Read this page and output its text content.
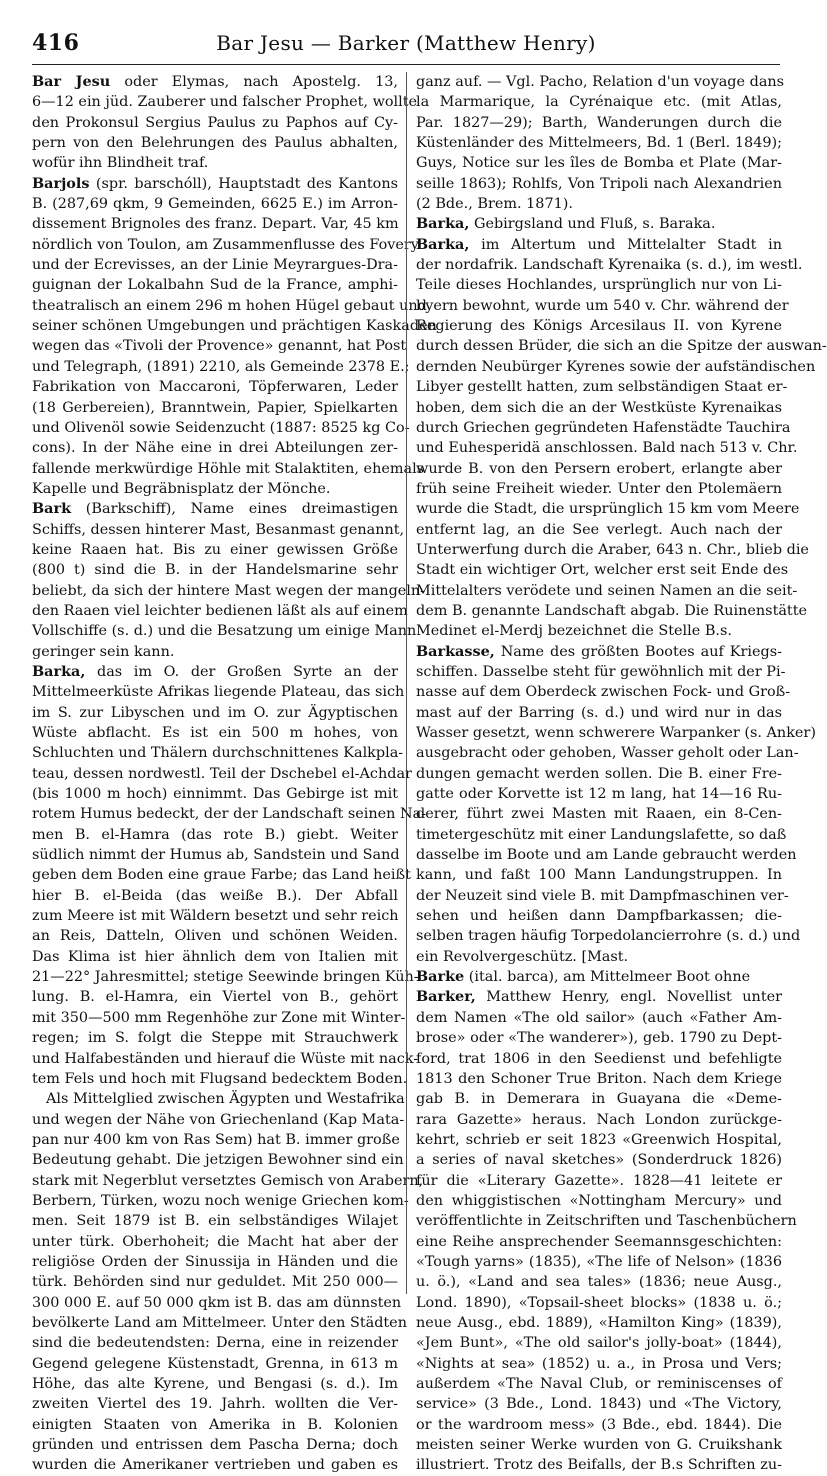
416	Bar Jesu — Barker (Matthew Henry)
Bar Jesu oder Elymas, nach Apostelg. 13,
6—12 ein jüd. Zauberer und falscher Prophet, wollte
den Prokonsul Sergius Paulus zu Paphos auf Cy-
pern von den Belehrungen des Paulus abhalten,
wofür ihn Blindheit traf.
Barjols (spr. barschóll), Hauptstadt des Kantons
B. (287,69 qkm, 9 Gemeinden, 6625 E.) im Arron-
dissement Brignoles des franz. Depart. Var, 45 km
nördlich von Toulon, am Zusammenflusse des Fovery
und der Ecrevisses, an der Linie Meyrargues-Dra-
guignan der Lokalbahn Sud de la France, amphi-
theatralisch an einem 296 m hohen Hügel gebaut und
seiner schönen Umgebungen und prächtigen Kaskaden
wegen das «Tivoli der Provence» genannt, hat Post
und Telegraph, (1891) 2210, als Gemeinde 2378 E.;
Fabrikation von Maccaroni, Töpferwaren, Leder
(18 Gerbereien), Branntwein, Papier, Spielkarten
und Olivenöl sowie Seidenzucht (1887: 8525 kg Co-
cons). In der Nähe eine in drei Abteilungen zer-
fallende merkwürdige Höhle mit Stalaktiten, ehemals
Kapelle und Begräbnisplatz der Mönche.
Bark (Barkschiff), Name eines dreimastigen
Schiffs, dessen hinterer Mast, Besanmast genannt,
keine Raaen hat. Bis zu einer gewissen Größe
(800 t) sind die B. in der Handelsmarine sehr
beliebt, da sich der hintere Mast wegen der mangeln-
den Raaen viel leichter bedienen läßt als auf einem
Vollschiffe (s. d.) und die Besatzung um einige Mann
geringer sein kann.
Barka, das im O. der Großen Syrte an der
Mittelmeerküste Afrikas liegende Plateau, das sich
im S. zur Libyschen und im O. zur Ägyptischen
Wüste abflacht. Es ist ein 500 m hohes, von
Schluchten und Thälern durchschnittenes Kalkpla-
teau, dessen nordwestl. Teil der Dschebel el-Achdar
(bis 1000 m hoch) einnimmt. Das Gebirge ist mit
rotem Humus bedeckt, der der Landschaft seinen Na-
men B. el-Hamra (das rote B.) giebt. Weiter
südlich nimmt der Humus ab, Sandstein und Sand
geben dem Boden eine graue Farbe; das Land heißt
hier B. el-Beida (das weiße B.). Der Abfall
zum Meere ist mit Wäldern besetzt und sehr reich
an Reis, Datteln, Oliven und schönen Weiden.
Das Klima ist hier ähnlich dem von Italien mit
21—22° Jahresmittel; stetige Seewinde bringen Küh-
lung. B. el-Hamra, ein Viertel von B., gehört
mit 350—500 mm Regenhöhe zur Zone mit Winter-
regen; im S. folgt die Steppe mit Strauchwerk
und Halfabeständen und hierauf die Wüste mit nack-
tem Fels und hoch mit Flugsand bedecktem Boden.
Als Mittelglied zwischen Ägypten und Westafrika
und wegen der Nähe von Griechenland (Kap Mata-
pan nur 400 km von Ras Sem) hat B. immer große
Bedeutung gehabt. Die jetzigen Bewohner sind ein
stark mit Negerblut versetztes Gemisch von Arabern,
Berbern, Türken, wozu noch wenige Griechen kom-
men. Seit 1879 ist B. ein selbständiges Wilajet
unter türk. Oberhoheit; die Macht hat aber der
religiöse Orden der Sinussija in Händen und die
türk. Behörden sind nur geduldet. Mit 250 000—
300 000 E. auf 50 000 qkm ist B. das am dünnsten
bevölkerte Land am Mittelmeer. Unter den Städten
sind die bedeutendsten: Derna, eine in reizender
Gegend gelegene Küstenstadt, Grenna, in 613 m
Höhe, das alte Kyrene, und Bengasi (s. d.). Im
zweiten Viertel des 19. Jahrh. wollten die Ver-
einigten Staaten von Amerika in B. Kolonien
gründen und entrissen dem Pascha Derna; doch
wurden die Amerikaner vertrieben und gaben es
ganz auf. — Vgl. Pacho, Relation d'un voyage dans
la Marmarique, la Cyrénaique etc. (mit Atlas,
Par. 1827—29); Barth, Wanderungen durch die
Küstenländer des Mittelmeers, Bd. 1 (Berl. 1849);
Guys, Notice sur les îles de Bomba et Plate (Mar-
seille 1863); Rohlfs, Von Tripoli nach Alexandrien
(2 Bde., Brem. 1871).
Barka, Gebirgsland und Fluß, s. Baraka.
Barka, im Altertum und Mittelalter Stadt in
der nordafrik. Landschaft Kyrenaika (s. d.), im westl.
Teile dieses Hochlandes, ursprünglich nur von Li-
byern bewohnt, wurde um 540 v. Chr. während der
Regierung des Königs Arcesilaus II. von Kyrene
durch dessen Brüder, die sich an die Spitze der auswan-
dernden Neubürger Kyrenes sowie der aufständischen
Libyer gestellt hatten, zum selbständigen Staat er-
hoben, dem sich die an der Westküste Kyrenaikas
durch Griechen gegründeten Hafenstädte Tauchira
und Euhesperidä anschlossen. Bald nach 513 v. Chr.
wurde B. von den Persern erobert, erlangte aber
früh seine Freiheit wieder. Unter den Ptolemäern
wurde die Stadt, die ursprünglich 15 km vom Meere
entfernt lag, an die See verlegt. Auch nach der
Unterwerfung durch die Araber, 643 n. Chr., blieb die
Stadt ein wichtiger Ort, welcher erst seit Ende des
Mittelalters verödete und seinen Namen an die seit-
dem B. genannte Landschaft abgab. Die Ruinenstätte
Medinet el-Merdj bezeichnet die Stelle B.s.
Barkasse, Name des größten Bootes auf Kriegs-
schiffen. Dasselbe steht für gewöhnlich mit der Pi-
nasse auf dem Oberdeck zwischen Fock- und Groß-
mast auf der Barring (s. d.) und wird nur in das
Wasser gesetzt, wenn schwerere Warpanker (s. Anker)
ausgebracht oder gehoben, Wasser geholt oder Lan-
dungen gemacht werden sollen. Die B. einer Fre-
gatte oder Korvette ist 12 m lang, hat 14—16 Ru-
derer, führt zwei Masten mit Raaen, ein 8-Cen-
timetergeschütz mit einer Landungslafette, so daß
dasselbe im Boote und am Lande gebraucht werden
kann, und faßt 100 Mann Landungstruppen. In
der Neuzeit sind viele B. mit Dampfmaschinen ver-
sehen und heißen dann Dampfbarkassen; die-
selben tragen häufig Torpedolancierrohre (s. d.) und
ein Revolvergeschütz. [Mast.
Barke (ital. barca), am Mittelmeer Boot ohne
Barker, Matthew Henry, engl. Novellist unter
dem Namen «The old sailor» (auch «Father Am-
brose» oder «The wanderer»), geb. 1790 zu Dept-
ford, trat 1806 in den Seedienst und befehligte
1813 den Schoner True Briton. Nach dem Kriege
gab B. in Demerara in Guayana die «Deme-
rara Gazette» heraus. Nach London zurückge-
kehrt, schrieb er seit 1823 «Greenwich Hospital,
a series of naval sketches» (Sonderdruck 1826)
für die «Literary Gazette». 1828—41 leitete er
den whiggistischen «Nottingham Mercury» und
veröffentlichte in Zeitschriften und Taschenbüchern
eine Reihe ansprechender Seemannsgeschichten:
«Tough yarns» (1835), «The life of Nelson» (1836
u. ö.), «Land and sea tales» (1836; neue Ausg.,
Lond. 1890), «Topsail-sheet blocks» (1838 u. ö.;
neue Ausg., ebd. 1889), «Hamilton King» (1839),
«Jem Bunt», «The old sailor's jolly-boat» (1844),
«Nights at sea» (1852) u. a., in Prosa und Vers;
außerdem «The Naval Club, or reminiscenses of
service» (3 Bde., Lond. 1843) und «The Victory,
or the wardroom mess» (3 Bde., ebd. 1844). Die
meisten seiner Werke wurden von G. Cruikshank
illustriert. Trotz des Beifalls, der B.s Schriften zu-
